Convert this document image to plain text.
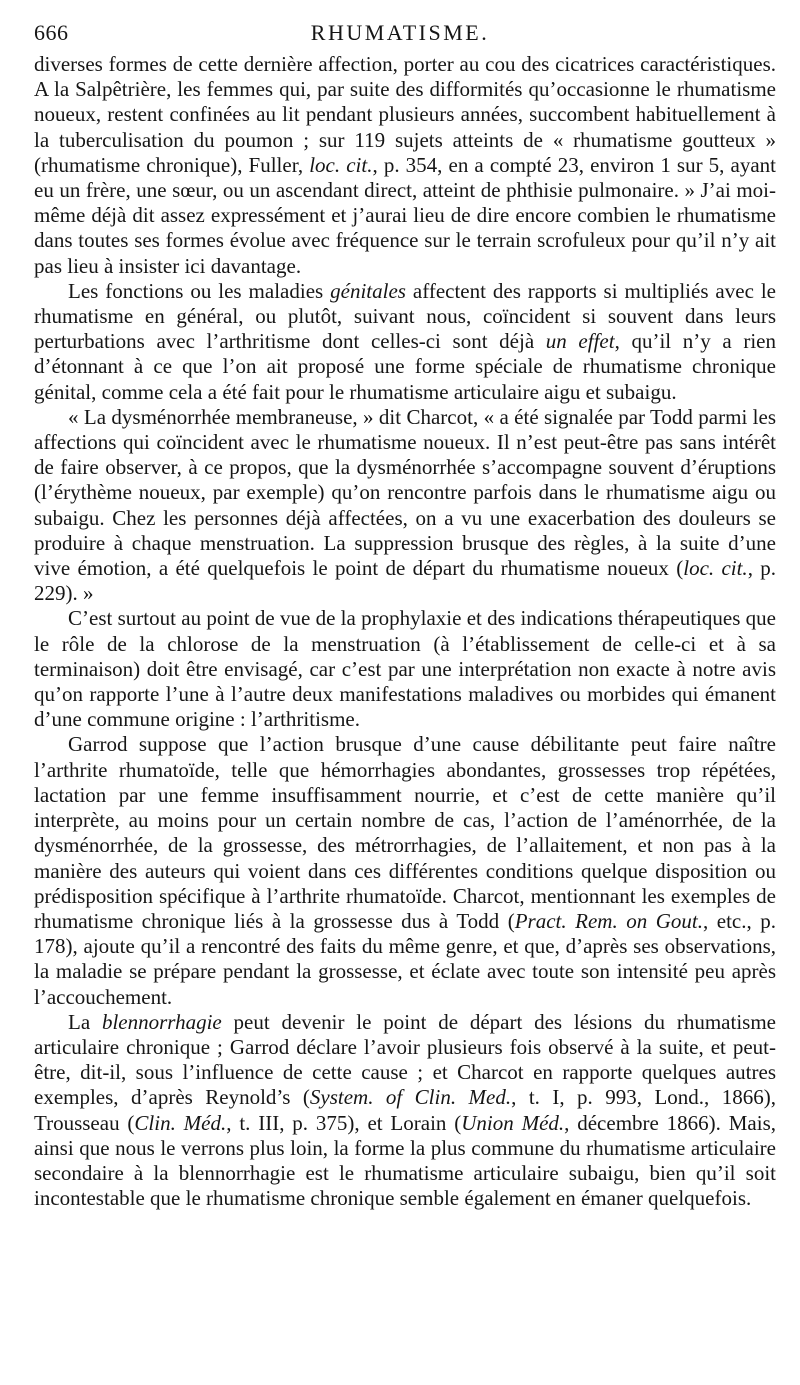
666	RHUMATISME.

diverses formes de cette dernière affection, porter au cou des cicatrices caractéristiques. A la Salpêtrière, les femmes qui, par suite des difformités qu’occasionne le rhumatisme noueux, restent confinées au lit pendant plusieurs années, succombent habituellement à la tuberculisation du poumon ; sur 119 sujets atteints de « rhumatisme goutteux » (rhumatisme chronique), Fuller, loc. cit., p. 354, en a compté 23, environ 1 sur 5, ayant eu un frère, une sœur, ou un ascendant direct, atteint de phthisie pulmonaire. » J’ai moi-même déjà dit assez expressément et j’aurai lieu de dire encore combien le rhumatisme dans toutes ses formes évolue avec fréquence sur le terrain scrofuleux pour qu’il n’y ait pas lieu à insister ici davantage.

Les fonctions ou les maladies génitales affectent des rapports si multipliés avec le rhumatisme en général, ou plutôt, suivant nous, coïncident si souvent dans leurs perturbations avec l’arthritisme dont celles-ci sont déjà un effet, qu’il n’y a rien d’étonnant à ce que l’on ait proposé une forme spéciale de rhumatisme chronique génital, comme cela a été fait pour le rhumatisme articulaire aigu et subaigu.

« La dysménorrhée membraneuse, » dit Charcot, « a été signalée par Todd parmi les affections qui coïncident avec le rhumatisme noueux. Il n’est peut-être pas sans intérêt de faire observer, à ce propos, que la dysménorrhée s’accompagne souvent d’éruptions (l’érythème noueux, par exemple) qu’on rencontre parfois dans le rhumatisme aigu ou subaigu. Chez les personnes déjà affectées, on a vu une exacerbation des douleurs se produire à chaque menstruation. La suppression brusque des règles, à la suite d’une vive émotion, a été quelquefois le point de départ du rhumatisme noueux (loc. cit., p. 229). »

C’est surtout au point de vue de la prophylaxie et des indications thérapeutiques que le rôle de la chlorose de la menstruation (à l’établissement de celle-ci et à sa terminaison) doit être envisagé, car c’est par une interprétation non exacte à notre avis qu’on rapporte l’une à l’autre deux manifestations maladives ou morbides qui émanent d’une commune origine : l’arthritisme.

Garrod suppose que l’action brusque d’une cause débilitante peut faire naître l’arthrite rhumatoïde, telle que hémorrhagies abondantes, grossesses trop répétées, lactation par une femme insuffisamment nourrie, et c’est de cette manière qu’il interprète, au moins pour un certain nombre de cas, l’action de l’aménorrhée, de la dysménorrhée, de la grossesse, des métrorrhagies, de l’allaitement, et non pas à la manière des auteurs qui voient dans ces différentes conditions quelque disposition ou prédisposition spécifique à l’arthrite rhumatoïde. Charcot, mentionnant les exemples de rhumatisme chronique liés à la grossesse dus à Todd (Pract. Rem. on Gout., etc., p. 178), ajoute qu’il a rencontré des faits du même genre, et que, d’après ses observations, la maladie se prépare pendant la grossesse, et éclate avec toute son intensité peu après l’accouchement.

La blennorrhagie peut devenir le point de départ des lésions du rhumatisme articulaire chronique ; Garrod déclare l’avoir plusieurs fois observé à la suite, et peut-être, dit-il, sous l’influence de cette cause ; et Charcot en rapporte quelques autres exemples, d’après Reynold’s (System. of Clin. Med., t. I, p. 993, Lond., 1866), Trousseau (Clin. Méd., t. III, p. 375), et Lorain (Union Méd., décembre 1866). Mais, ainsi que nous le verrons plus loin, la forme la plus commune du rhumatisme articulaire secondaire à la blennorrhagie est le rhumatisme articulaire subaigu, bien qu’il soit incontestable que le rhumatisme chronique semble également en émaner quelquefois.
